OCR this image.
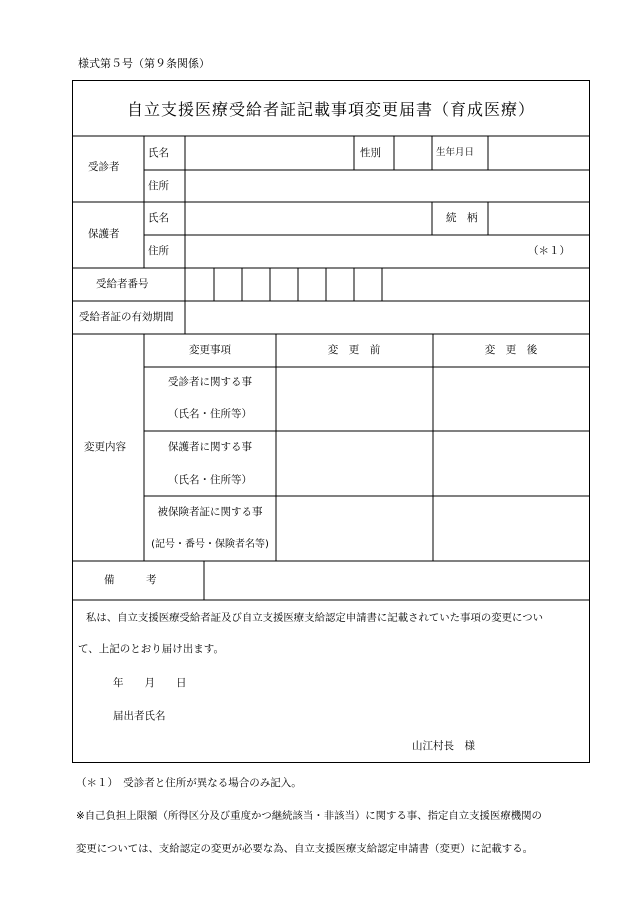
様式第５号（第９条関係）
自立支援医療受給者証記載事項変更届書（育成医療）
受診者
氏名	性別	生年月日
住所
保護者
氏名	続　柄
住所	（＊１）
受給者番号
受給者証の有効期間
変更内容
変更事項	変　更　前	変　更　後
受診者に関する事
（氏名・住所等）
保護者に関する事
（氏名・住所等）
被保険者証に関する事
(記号・番号・保険者名等)
備　　　考
私は、自立支援医療受給者証及び自立支援医療支給認定申請書に記載されていた事項の変更につい
て、上記のとおり届け出ます。
年　　月　　日
届出者氏名
山江村長　様
（＊１）　受診者と住所が異なる場合のみ記入。
※自己負担上限額（所得区分及び重度かつ継続該当・非該当）に関する事、指定自立支援医療機関の
変更については、支給認定の変更が必要な為、自立支援医療支給認定申請書（変更）に記載する。
